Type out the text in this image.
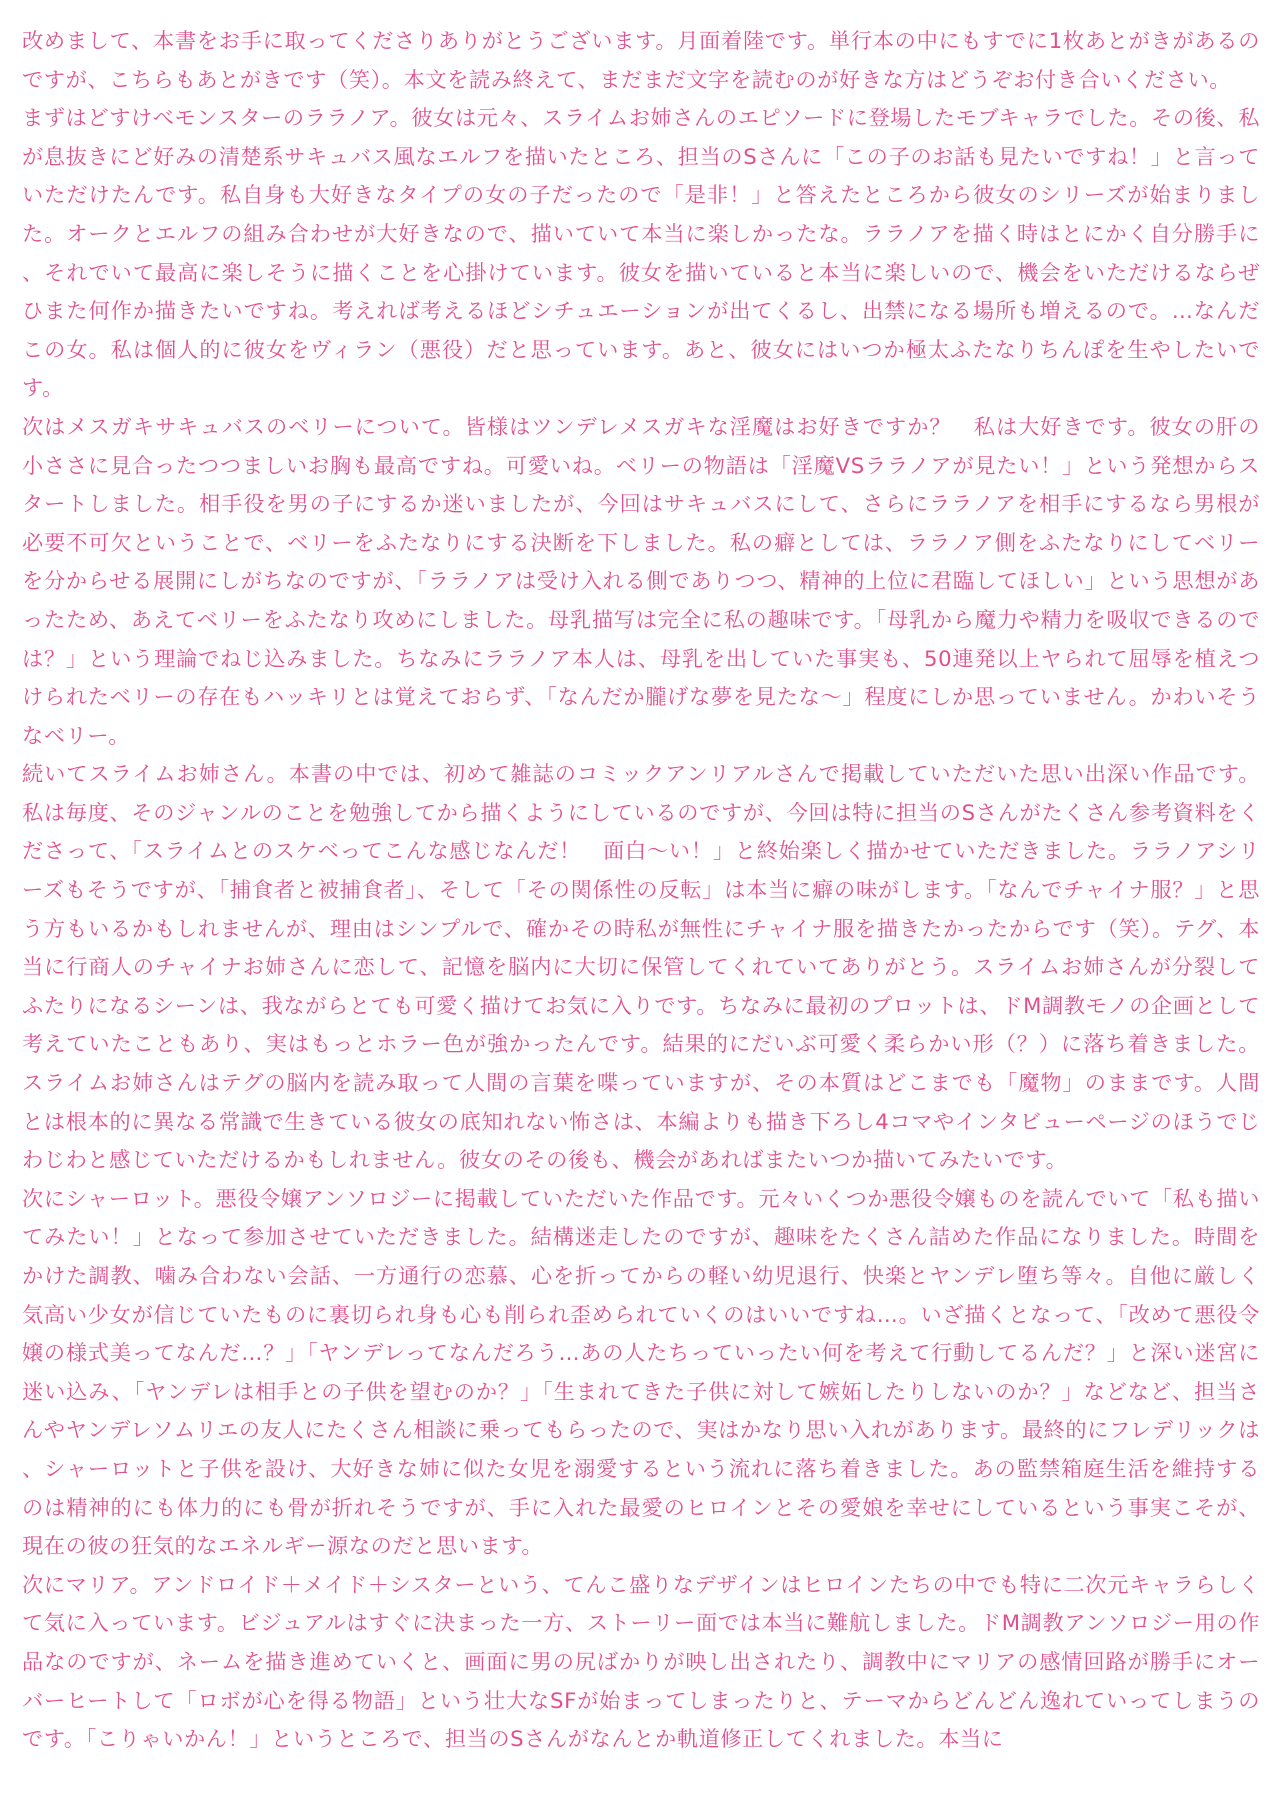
改めまして、本書をお手に取ってくださりありがとうございます。月面着陸です。単行本の中にもすでに1枚あとがきがあるのですが、こちらもあとがきです（笑）。本文を読み終えて、まだまだ文字を読むのが好きな方はどうぞお付き合いください。

まずはどすけべモンスターのララノア。彼女は元々、スライムお姉さんのエピソードに登場したモブキャラでした。その後、私が息抜きにど好みの清楚系サキュバス風なエルフを描いたところ、担当のSさんに「この子のお話も見たいですね！」と言っていただけたんです。私自身も大好きなタイプの女の子だったので「是非！」と答えたところから彼女のシリーズが始まりました。オークとエルフの組み合わせが大好きなので、描いていて本当に楽しかったな。ララノアを描く時はとにかく自分勝手に、それでいて最高に楽しそうに描くことを心掛けています。彼女を描いていると本当に楽しいので、機会をいただけるならぜひまた何作か描きたいですね。考えれば考えるほどシチュエーションが出てくるし、出禁になる場所も増えるので。…なんだこの女。私は個人的に彼女をヴィラン（悪役）だと思っています。あと、彼女にはいつか極太ふたなりちんぽを生やしたいです。

次はメスガキサキュバスのベリーについて。皆様はツンデレメスガキな淫魔はお好きですか？　私は大好きです。彼女の肝の小ささに見合ったつつましいお胸も最高ですね。可愛いね。ベリーの物語は「淫魔VSララノアが見たい！」という発想からスタートしました。相手役を男の子にするか迷いましたが、今回はサキュバスにして、さらにララノアを相手にするなら男根が必要不可欠ということで、ベリーをふたなりにする決断を下しました。私の癖としては、ララノア側をふたなりにしてベリーを分からせる展開にしがちなのですが、「ララノアは受け入れる側でありつつ、精神的上位に君臨してほしい」という思想があったため、あえてベリーをふたなり攻めにしました。母乳描写は完全に私の趣味です。「母乳から魔力や精力を吸収できるのでは？」という理論でねじ込みました。ちなみにララノア本人は、母乳を出していた事実も、50連発以上ヤられて屈辱を植えつけられたベリーの存在もハッキリとは覚えておらず、「なんだか朧げな夢を見たな～」程度にしか思っていません。かわいそうなベリー。

続いてスライムお姉さん。本書の中では、初めて雑誌のコミックアンリアルさんで掲載していただいた思い出深い作品です。私は毎度、そのジャンルのことを勉強してから描くようにしているのですが、今回は特に担当のSさんがたくさん参考資料をくださって、「スライムとのスケベってこんな感じなんだ！　面白～い！」と終始楽しく描かせていただきました。ララノアシリーズもそうですが、「捕食者と被捕食者」、そして「その関係性の反転」は本当に癖の味がします。「なんでチャイナ服？」と思う方もいるかもしれませんが、理由はシンプルで、確かその時私が無性にチャイナ服を描きたかったからです（笑）。テグ、本当に行商人のチャイナお姉さんに恋して、記憶を脳内に大切に保管してくれていてありがとう。スライムお姉さんが分裂してふたりになるシーンは、我ながらとても可愛く描けてお気に入りです。ちなみに最初のプロットは、ドM調教モノの企画として考えていたこともあり、実はもっとホラー色が強かったんです。結果的にだいぶ可愛く柔らかい形（？）に落ち着きました。スライムお姉さんはテグの脳内を読み取って人間の言葉を喋っていますが、その本質はどこまでも「魔物」のままです。人間とは根本的に異なる常識で生きている彼女の底知れない怖さは、本編よりも描き下ろし4コマやインタビューページのほうでじわじわと感じていただけるかもしれません。彼女のその後も、機会があればまたいつか描いてみたいです。

次にシャーロット。悪役令嬢アンソロジーに掲載していただいた作品です。元々いくつか悪役令嬢ものを読んでいて「私も描いてみたい！」となって参加させていただきました。結構迷走したのですが、趣味をたくさん詰めた作品になりました。時間をかけた調教、噛み合わない会話、一方通行の恋慕、心を折ってからの軽い幼児退行、快楽とヤンデレ堕ち等々。自他に厳しく気高い少女が信じていたものに裏切られ身も心も削られ歪められていくのはいいですね…。いざ描くとなって、「改めて悪役令嬢の様式美ってなんだ…？」「ヤンデレってなんだろう…あの人たちっていったい何を考えて行動してるんだ？」と深い迷宮に迷い込み、「ヤンデレは相手との子供を望むのか？」「生まれてきた子供に対して嫉妬したりしないのか？」などなど、担当さんやヤンデレソムリエの友人にたくさん相談に乗ってもらったので、実はかなり思い入れがあります。最終的にフレデリックは、シャーロットと子供を設け、大好きな姉に似た女児を溺愛するという流れに落ち着きました。あの監禁箱庭生活を維持するのは精神的にも体力的にも骨が折れそうですが、手に入れた最愛のヒロインとその愛娘を幸せにしているという事実こそが、現在の彼の狂気的なエネルギー源なのだと思います。

次にマリア。アンドロイド＋メイド＋シスターという、てんこ盛りなデザインはヒロインたちの中でも特に二次元キャラらしくて気に入っています。ビジュアルはすぐに決まった一方、ストーリー面では本当に難航しました。ドM調教アンソロジー用の作品なのですが、ネームを描き進めていくと、画面に男の尻ばかりが映し出されたり、調教中にマリアの感情回路が勝手にオーバーヒートして「ロボが心を得る物語」という壮大なSFが始まってしまったりと、テーマからどんどん逸れていってしまうのです。「こりゃいかん！」というところで、担当のSさんがなんとか軌道修正してくれました。本当に
